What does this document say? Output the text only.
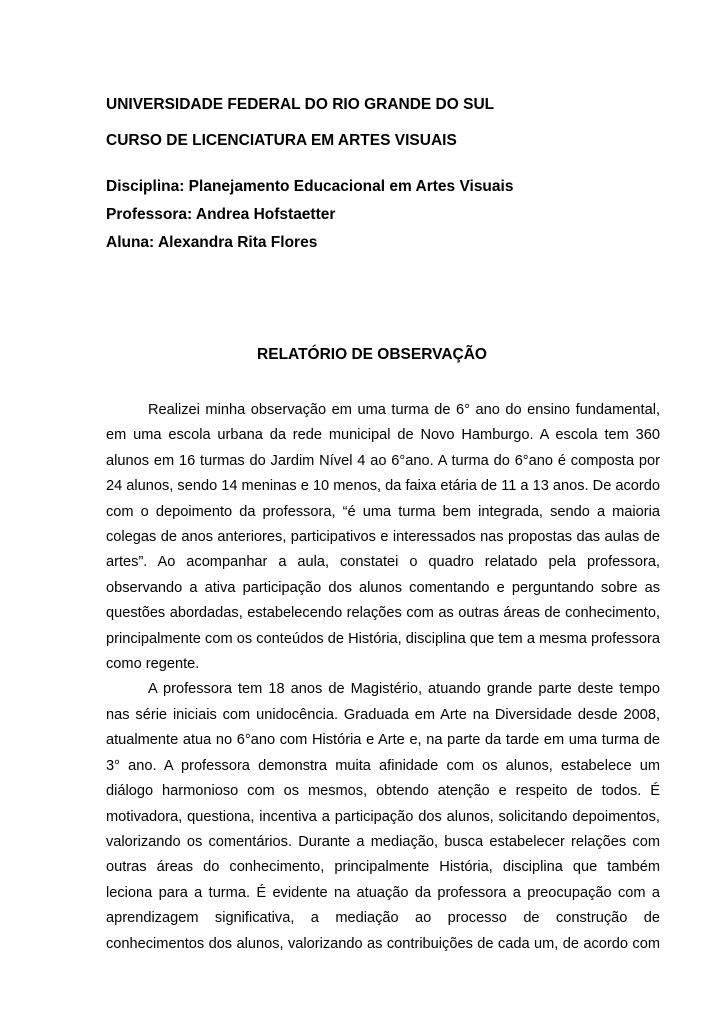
UNIVERSIDADE FEDERAL DO RIO GRANDE DO SUL

CURSO DE LICENCIATURA EM ARTES VISUAIS

Disciplina: Planejamento Educacional em Artes Visuais

Professora: Andrea Hofstaetter

Aluna: Alexandra Rita Flores

RELATÓRIO DE OBSERVAÇÃO

Realizei minha observação em uma turma de 6° ano do ensino fundamental, em uma escola urbana da rede municipal de Novo Hamburgo. A escola tem 360 alunos em 16 turmas do Jardim Nível 4 ao 6°ano. A turma do 6°ano é composta por 24 alunos, sendo 14 meninas e 10 menos, da faixa etária de 11 a 13 anos. De acordo com o depoimento da professora, “é uma turma bem integrada, sendo a maioria colegas de anos anteriores, participativos e interessados nas propostas das aulas de artes”. Ao acompanhar a aula, constatei o quadro relatado pela professora, observando a ativa participação dos alunos comentando e perguntando sobre as questões abordadas, estabelecendo relações com as outras áreas de conhecimento, principalmente com os conteúdos de História, disciplina que tem a mesma professora como regente.

A professora tem 18 anos de Magistério, atuando grande parte deste tempo nas série iniciais com unidocência. Graduada em Arte na Diversidade desde 2008, atualmente atua no 6°ano com História e Arte e, na parte da tarde em uma turma de 3° ano. A professora demonstra muita afinidade com os alunos, estabelece um diálogo harmonioso com os mesmos, obtendo atenção e respeito de todos. É motivadora, questiona, incentiva a participação dos alunos, solicitando depoimentos, valorizando os comentários. Durante a mediação, busca estabelecer relações com outras áreas do conhecimento, principalmente História, disciplina que também leciona para a turma. É evidente na atuação da professora a preocupação com a aprendizagem significativa, a mediação ao processo de construção de conhecimentos dos alunos, valorizando as contribuições de cada um, de acordo com
